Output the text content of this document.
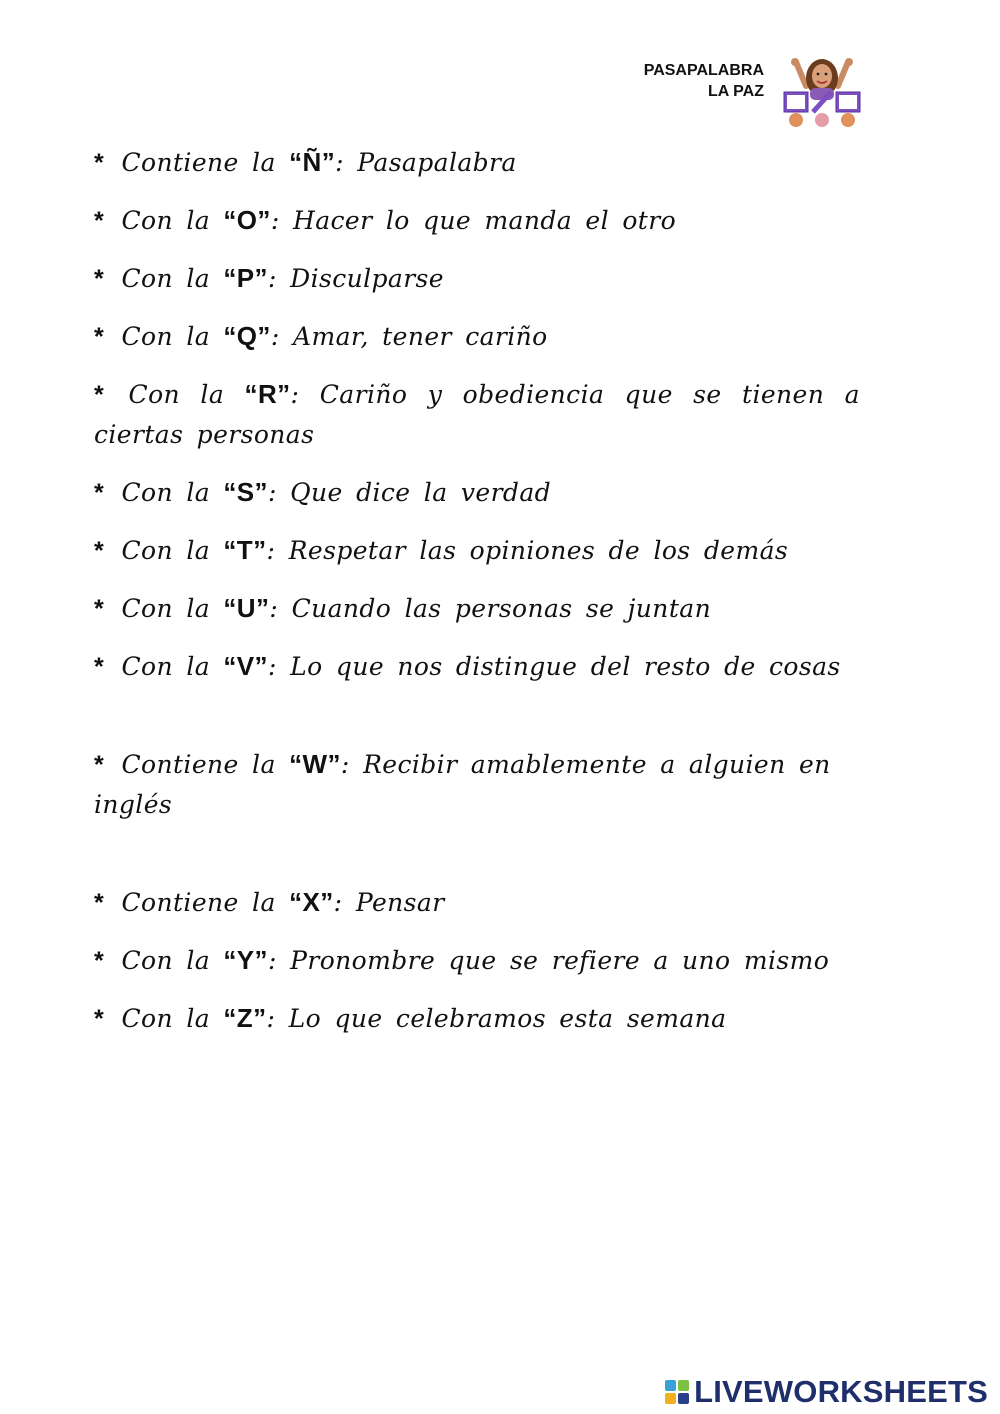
PASAPALABRA
LA PAZ
* Contiene la “Ñ”: Pasapalabra
* Con la “O”: Hacer lo que manda el otro
* Con la “P”: Disculparse
* Con la “Q”: Amar, tener cariño
* Con la “R”: Cariño y obediencia que se tienen a ciertas personas
* Con la “S”: Que dice la verdad
* Con la “T”: Respetar las opiniones de los demás
* Con la “U”: Cuando las personas se juntan
* Con la “V”: Lo que nos distingue del resto de cosas
* Contiene la “W”: Recibir amablemente a alguien en inglés
* Contiene la “X”: Pensar
* Con la “Y”: Pronombre que se refiere a uno mismo
* Con la “Z”: Lo que celebramos esta semana
LIVEWORKSHEETS
